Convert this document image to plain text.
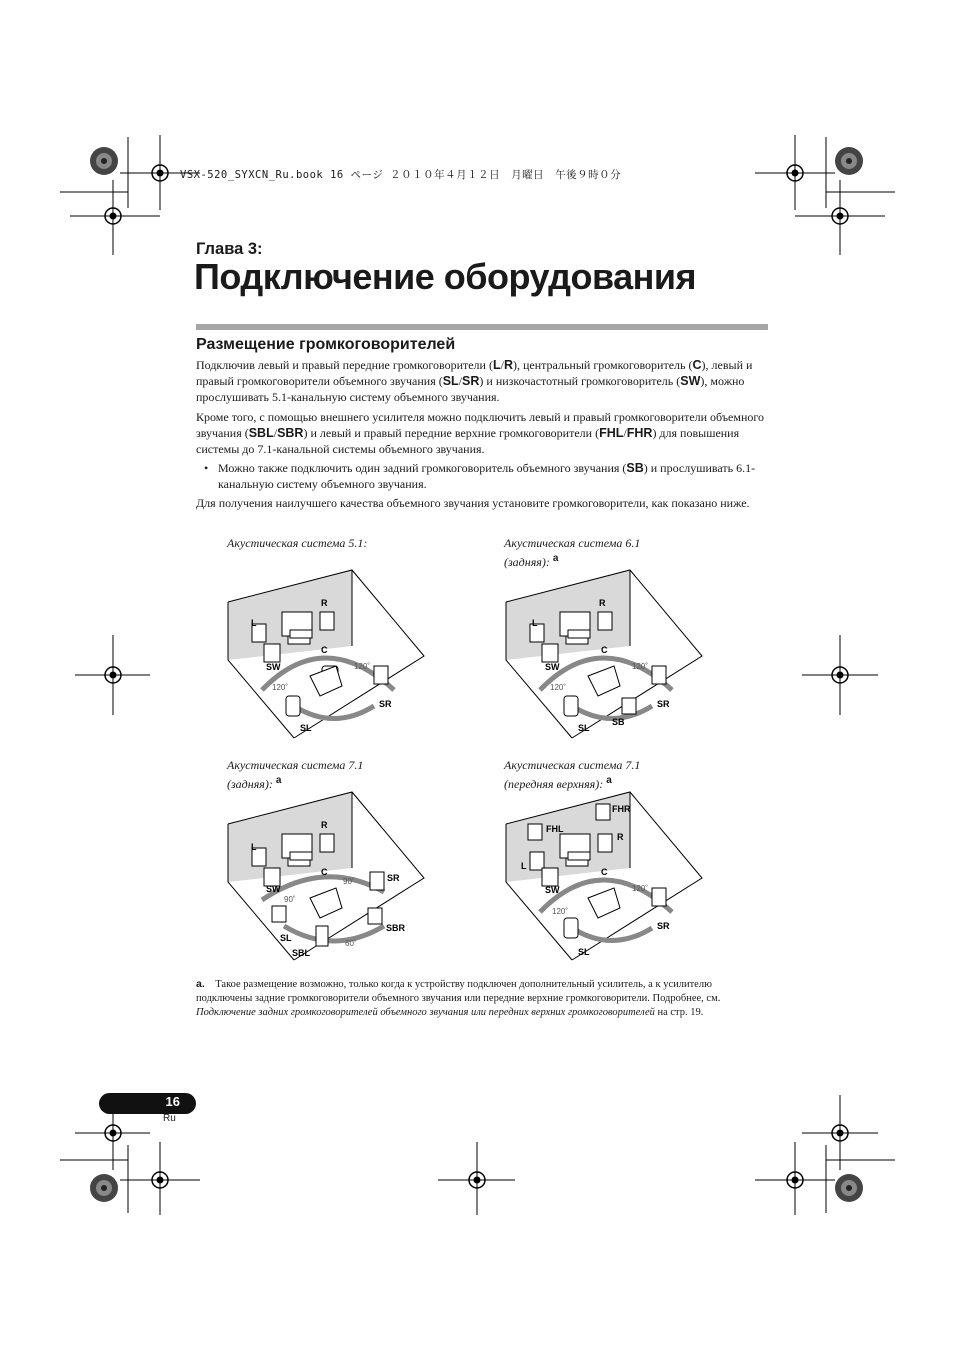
VSX-520_SYXCN_Ru.book 16 ページ ２０１０年４月１２日　月曜日　午後９時０分
Глава 3:
Подключение оборудования
Размещение громкоговорителей
Подключив левый и правый передние громкоговорители (L/R), центральный громкоговоритель (C), левый и правый громкоговорители объемного звучания (SL/SR) и низкочастотный громкоговоритель (SW), можно прослушивать 5.1-канальную систему объемного звучания.
Кроме того, с помощью внешнего усилителя можно подключить левый и правый громкоговорители объемного звучания (SBL/SBR) и левый и правый передние верхние громкоговорители (FHL/FHR) для повышения системы до 7.1-канальной системы объемного звучания.
• Можно также подключить один задний громкоговоритель объемного звучания (SB) и прослушивать 6.1-канальную систему объемного звучания.
Для получения наилучшего качества объемного звучания установите громкоговорители, как показано ниже.
Акустическая система 5.1:	Акустическая система 6.1
(задняя): $^a$
Акустическая система 7.1
(задняя): $^a$
Акустическая система 7.1
(передняя верхняя): $^a$
L
R
C
SW
SL
SR
120˚
120˚
L
R
C
SW
SL
SB
SR
120˚
120˚
L
R
C
SW
SL
SBL
SR
SBR
90˚
90˚
60˚
FHL
FHR
L
R
C
SW
SL
SR
120˚
120˚
a. Такое размещение возможно, только когда к устройству подключен дополнительный усилитель, а к усилителю подключены задние громкоговорители объемного звучания или передние верхние громкоговорители. Подробнее, см. Подключение задних громкоговорителей объемного звучания или передних верхних громкоговорителей на стр. 19.
16
Ru
